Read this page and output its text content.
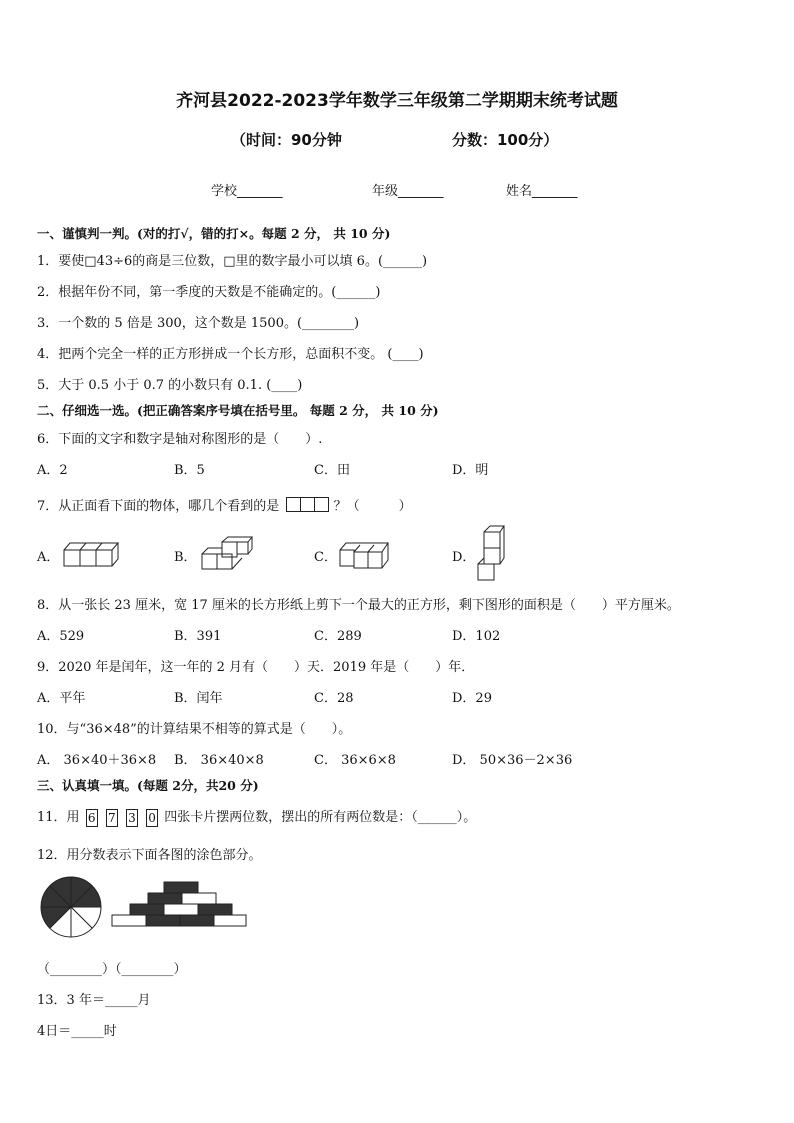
齐河县2022-2023学年数学三年级第二学期期末统考试题
（时间：90分钟	分数：100分）
学校_______	年级_______	姓名_______
一、谨慎判一判。(对的打√，错的打×。每题 2 分， 共 10 分)
1．要使□43÷6的商是三位数，□里的数字最小可以填 6。(______)
2．根据年份不同，第一季度的天数是不能确定的。(______)
3．一个数的 5 倍是 300，这个数是 1500。(________)
4．把两个完全一样的正方形拼成一个长方形，总面积不变。 (____)
5．大于 0.5 小于 0.7 的小数只有 0.1. (____)
二、仔细选一选。(把正确答案序号填在括号里。 每题 2 分， 共 10 分)
6．下面的文字和数字是轴对称图形的是（　　）.
A．2	B．5	C．田	D．明
7．从正面看下面的物体，哪几个看到的是	？（　　　）
A．	B．	C．	D．
8．从一张长 23 厘米，宽 17 厘米的长方形纸上剪下一个最大的正方形，剩下图形的面积是（　　）平方厘米。
A．529	B．391	C．289	D．102
9．2020 年是闰年，这一年的 2 月有（　　）天．2019 年是（　　）年．
A．平年	B．闰年	C．28	D．29
10．与“36×48”的计算结果不相等的算式是（　　）。
A． 36×40＋36×8 B． 36×40×8	C． 36×6×8	D． 50×36－2×36
三、认真填一填。(每题 2分，共20 分)
11．用 6 7 3 0 四张卡片摆两位数，摆出的所有两位数是：（______）。
12．用分数表示下面各图的涂色部分。
（________）（________）
13．3 年＝_____月
4日＝_____时
